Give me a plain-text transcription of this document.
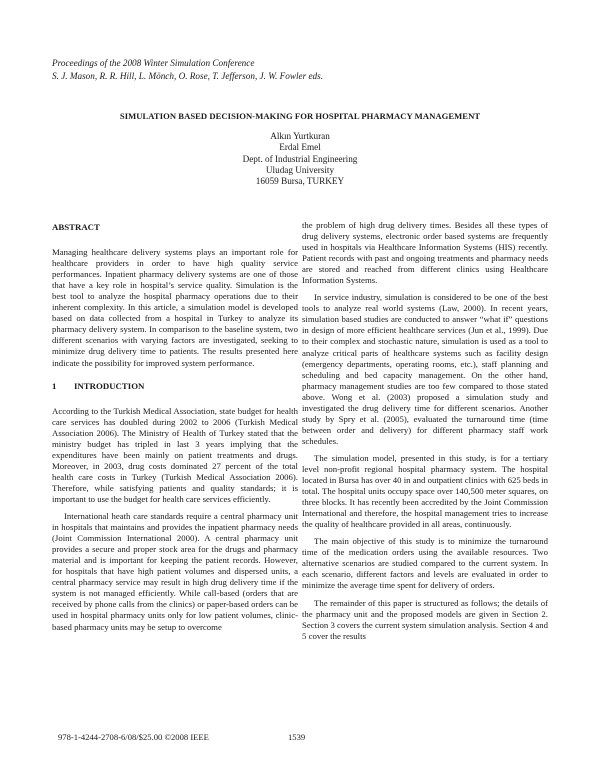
Proceedings of the 2008 Winter Simulation Conference
S. J. Mason, R. R. Hill, L. Mönch, O. Rose, T. Jefferson, J. W. Fowler eds.
SIMULATION BASED DECISION-MAKING FOR HOSPITAL PHARMACY MANAGEMENT
Alkın Yurtkuran
Erdal Emel
Dept. of Industrial Engineering
Uludag University
16059 Bursa, TURKEY
ABSTRACT

Managing healthcare delivery systems plays an important role for healthcare providers in order to have high quality service performances. Inpatient pharmacy delivery systems are one of those that have a key role in hospital’s service quality. Simulation is the best tool to analyze the hospital pharmacy operations due to their inherent complexity. In this article, a simulation model is developed based on data collected from a hospital in Turkey to analyze its pharmacy delivery system. In comparison to the baseline system, two different scenarios with varying factors are investigated, seeking to minimize drug delivery time to patients. The results presented here indicate the possibility for improved system performance.

1 INTRODUCTION

According to the Turkish Medical Association, state budget for health care services has doubled during 2002 to 2006 (Turkish Medical Association 2006). The Ministry of Health of Turkey stated that the ministry budget has tripled in last 3 years implying that the expenditures have been mainly on patient treatments and drugs. Moreover, in 2003, drug costs dominated 27 percent of the total health care costs in Turkey (Turkish Medical Association 2006). Therefore, while satisfying patients and quality standards; it is important to use the budget for health care services efficiently.

International heath care standards require a central pharmacy unit in hospitals that maintains and provides the inpatient pharmacy needs (Joint Commission International 2000). A central pharmacy unit provides a secure and proper stock area for the drugs and pharmacy material and is important for keeping the patient records. However, for hospitals that have high patient volumes and dispersed units, a central pharmacy service may result in high drug delivery time if the system is not managed efficiently. While call-based (orders that are received by phone calls from the clinics) or paper-based orders can be used in hospital pharmacy units only for low patient volumes, clinic-based pharmacy units may be setup to overcome

the problem of high drug delivery times. Besides all these types of drug delivery systems, electronic order based systems are frequently used in hospitals via Healthcare Information Systems (HIS) recently. Patient records with past and ongoing treatments and pharmacy needs are stored and reached from different clinics using Healthcare Information Systems.

In service industry, simulation is considered to be one of the best tools to analyze real world systems (Law, 2000). In recent years, simulation based studies are conducted to answer “what if” questions in design of more efficient healthcare services (Jun et al., 1999). Due to their complex and stochastic nature, simulation is used as a tool to analyze critical parts of healthcare systems such as facility design (emergency departments, operating rooms, etc.), staff planning and scheduling and bed capacity management. On the other hand, pharmacy management studies are too few compared to those stated above. Wong et al. (2003) proposed a simulation study and investigated the drug delivery time for different scenarios. Another study by Spry et al. (2005), evaluated the turnaround time (time between order and delivery) for different pharmacy staff work schedules.

The simulation model, presented in this study, is for a tertiary level non-profit regional hospital pharmacy system. The hospital located in Bursa has over 40 in and outpatient clinics with 625 beds in total. The hospital units occupy space over 140,500 meter squares, on three blocks. It has recently been accredited by the Joint Commission International and therefore, the hospital management tries to increase the quality of healthcare provided in all areas, continuously.

The main objective of this study is to minimize the turnaround time of the medication orders using the available resources. Two alternative scenarios are studied compared to the current system. In each scenario, different factors and levels are evaluated in order to minimize the average time spent for delivery of orders.

The remainder of this paper is structured as follows; the details of the pharmacy unit and the proposed models are given in Section 2. Section 3 covers the current system simulation analysis. Section 4 and 5 cover the results

978-1-4244-2708-6/08/$25.00 ©2008 IEEE	1539
